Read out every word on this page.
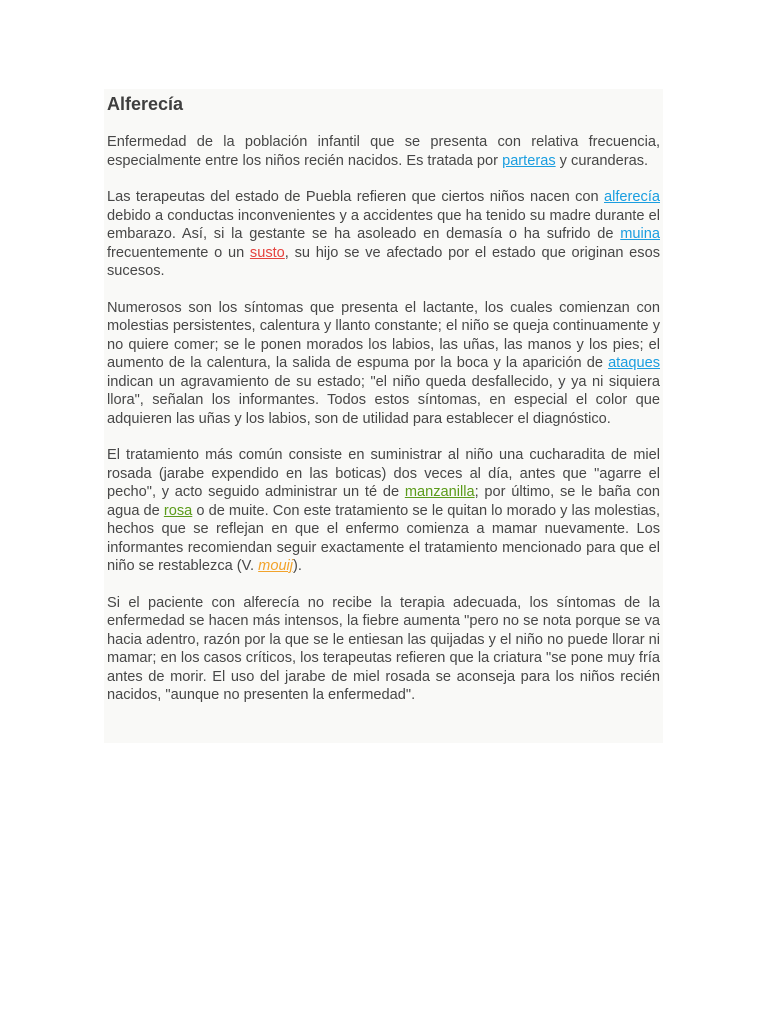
Alferecía

Enfermedad de la población infantil que se presenta con relativa frecuencia, especialmente entre los niños recién nacidos. Es tratada por parteras y curanderas.

Las terapeutas del estado de Puebla refieren que ciertos niños nacen con alferecía debido a conductas inconvenientes y a accidentes que ha tenido su madre durante el embarazo. Así, si la gestante se ha asoleado en demasía o ha sufrido de muina frecuentemente o un susto, su hijo se ve afectado por el estado que originan esos sucesos.

Numerosos son los síntomas que presenta el lactante, los cuales comienzan con molestias persistentes, calentura y llanto constante; el niño se queja continuamente y no quiere comer; se le ponen morados los labios, las uñas, las manos y los pies; el aumento de la calentura, la salida de espuma por la boca y la aparición de ataques indican un agravamiento de su estado; "el niño queda desfallecido, y ya ni siquiera llora", señalan los informantes. Todos estos síntomas, en especial el color que adquieren las uñas y los labios, son de utilidad para establecer el diagnóstico.

El tratamiento más común consiste en suministrar al niño una cucharadita de miel rosada (jarabe expendido en las boticas) dos veces al día, antes que "agarre el pecho", y acto seguido administrar un té de manzanilla; por último, se le baña con agua de rosa o de muite. Con este tratamiento se le quitan lo morado y las molestias, hechos que se reflejan en que el enfermo comienza a mamar nuevamente. Los informantes recomiendan seguir exactamente el tratamiento mencionado para que el niño se restablezca (V. mouij).

Si el paciente con alferecía no recibe la terapia adecuada, los síntomas de la enfermedad se hacen más intensos, la fiebre aumenta "pero no se nota porque se va hacia adentro, razón por la que se le entiesan las quijadas y el niño no puede llorar ni mamar; en los casos críticos, los terapeutas refieren que la criatura "se pone muy fría antes de morir. El uso del jarabe de miel rosada se aconseja para los niños recién nacidos, "aunque no presenten la enfermedad".
